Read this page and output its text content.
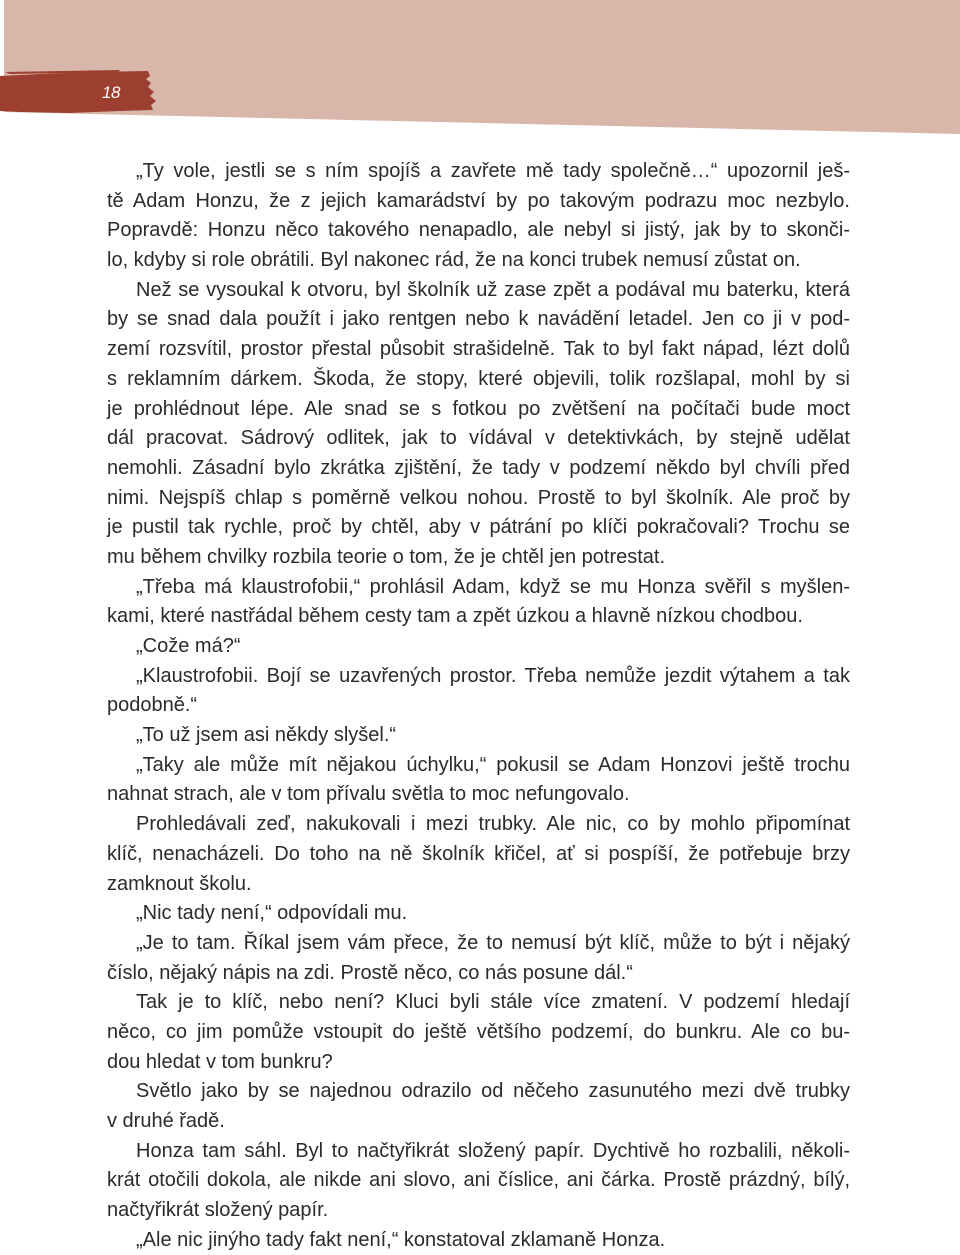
18
„Ty vole, jestli se s ním spojíš a zavřete mě tady společně…“ upozornil ješ-
tě Adam Honzu, že z jejich kamarádství by po takovým podrazu moc nezbylo.
Popravdě: Honzu něco takového nenapadlo, ale nebyl si jistý, jak by to skonči-
lo, kdyby si role obrátili. Byl nakonec rád, že na konci trubek nemusí zůstat on.
Než se vysoukal k otvoru, byl školník už zase zpět a podával mu baterku, která
by se snad dala použít i jako rentgen nebo k navádění letadel. Jen co ji v pod-
zemí rozsvítil, prostor přestal působit strašidelně. Tak to byl fakt nápad, lézt dolů
s reklamním dárkem. Škoda, že stopy, které objevili, tolik rozšlapal, mohl by si
je prohlédnout lépe. Ale snad se s fotkou po zvětšení na počítači bude moct
dál pracovat. Sádrový odlitek, jak to vídával v detektivkách, by stejně udělat
nemohli. Zásadní bylo zkrátka zjištění, že tady v podzemí někdo byl chvíli před
nimi. Nejspíš chlap s poměrně velkou nohou. Prostě to byl školník. Ale proč by
je pustil tak rychle, proč by chtěl, aby v pátrání po klíči pokračovali? Trochu se
mu během chvilky rozbila teorie o tom, že je chtěl jen potrestat.
„Třeba má klaustrofobii,“ prohlásil Adam, když se mu Honza svěřil s myšlen-
kami, které nastřádal během cesty tam a zpět úzkou a hlavně nízkou chodbou.
„Cože má?“
„Klaustrofobii. Bojí se uzavřených prostor. Třeba nemůže jezdit výtahem a tak
podobně.“
„To už jsem asi někdy slyšel.“
„Taky ale může mít nějakou úchylku,“ pokusil se Adam Honzovi ještě trochu
nahnat strach, ale v tom přívalu světla to moc nefungovalo.
Prohledávali zeď, nakukovali i mezi trubky. Ale nic, co by mohlo připomínat
klíč, nenacházeli. Do toho na ně školník křičel, ať si pospíší, že potřebuje brzy
zamknout školu.
„Nic tady není,“ odpovídali mu.
„Je to tam. Říkal jsem vám přece, že to nemusí být klíč, může to být i nějaký
číslo, nějaký nápis na zdi. Prostě něco, co nás posune dál.“
Tak je to klíč, nebo není? Kluci byli stále více zmatení. V podzemí hledají
něco, co jim pomůže vstoupit do ještě většího podzemí, do bunkru. Ale co bu-
dou hledat v tom bunkru?
Světlo jako by se najednou odrazilo od něčeho zasunutého mezi dvě trubky
v druhé řadě.
Honza tam sáhl. Byl to načtyřikrát složený papír. Dychtivě ho rozbalili, několi-
krát otočili dokola, ale nikde ani slovo, ani číslice, ani čárka. Prostě prázdný, bílý,
načtyřikrát složený papír.
„Ale nic jinýho tady fakt není,“ konstatoval zklamaně Honza.
